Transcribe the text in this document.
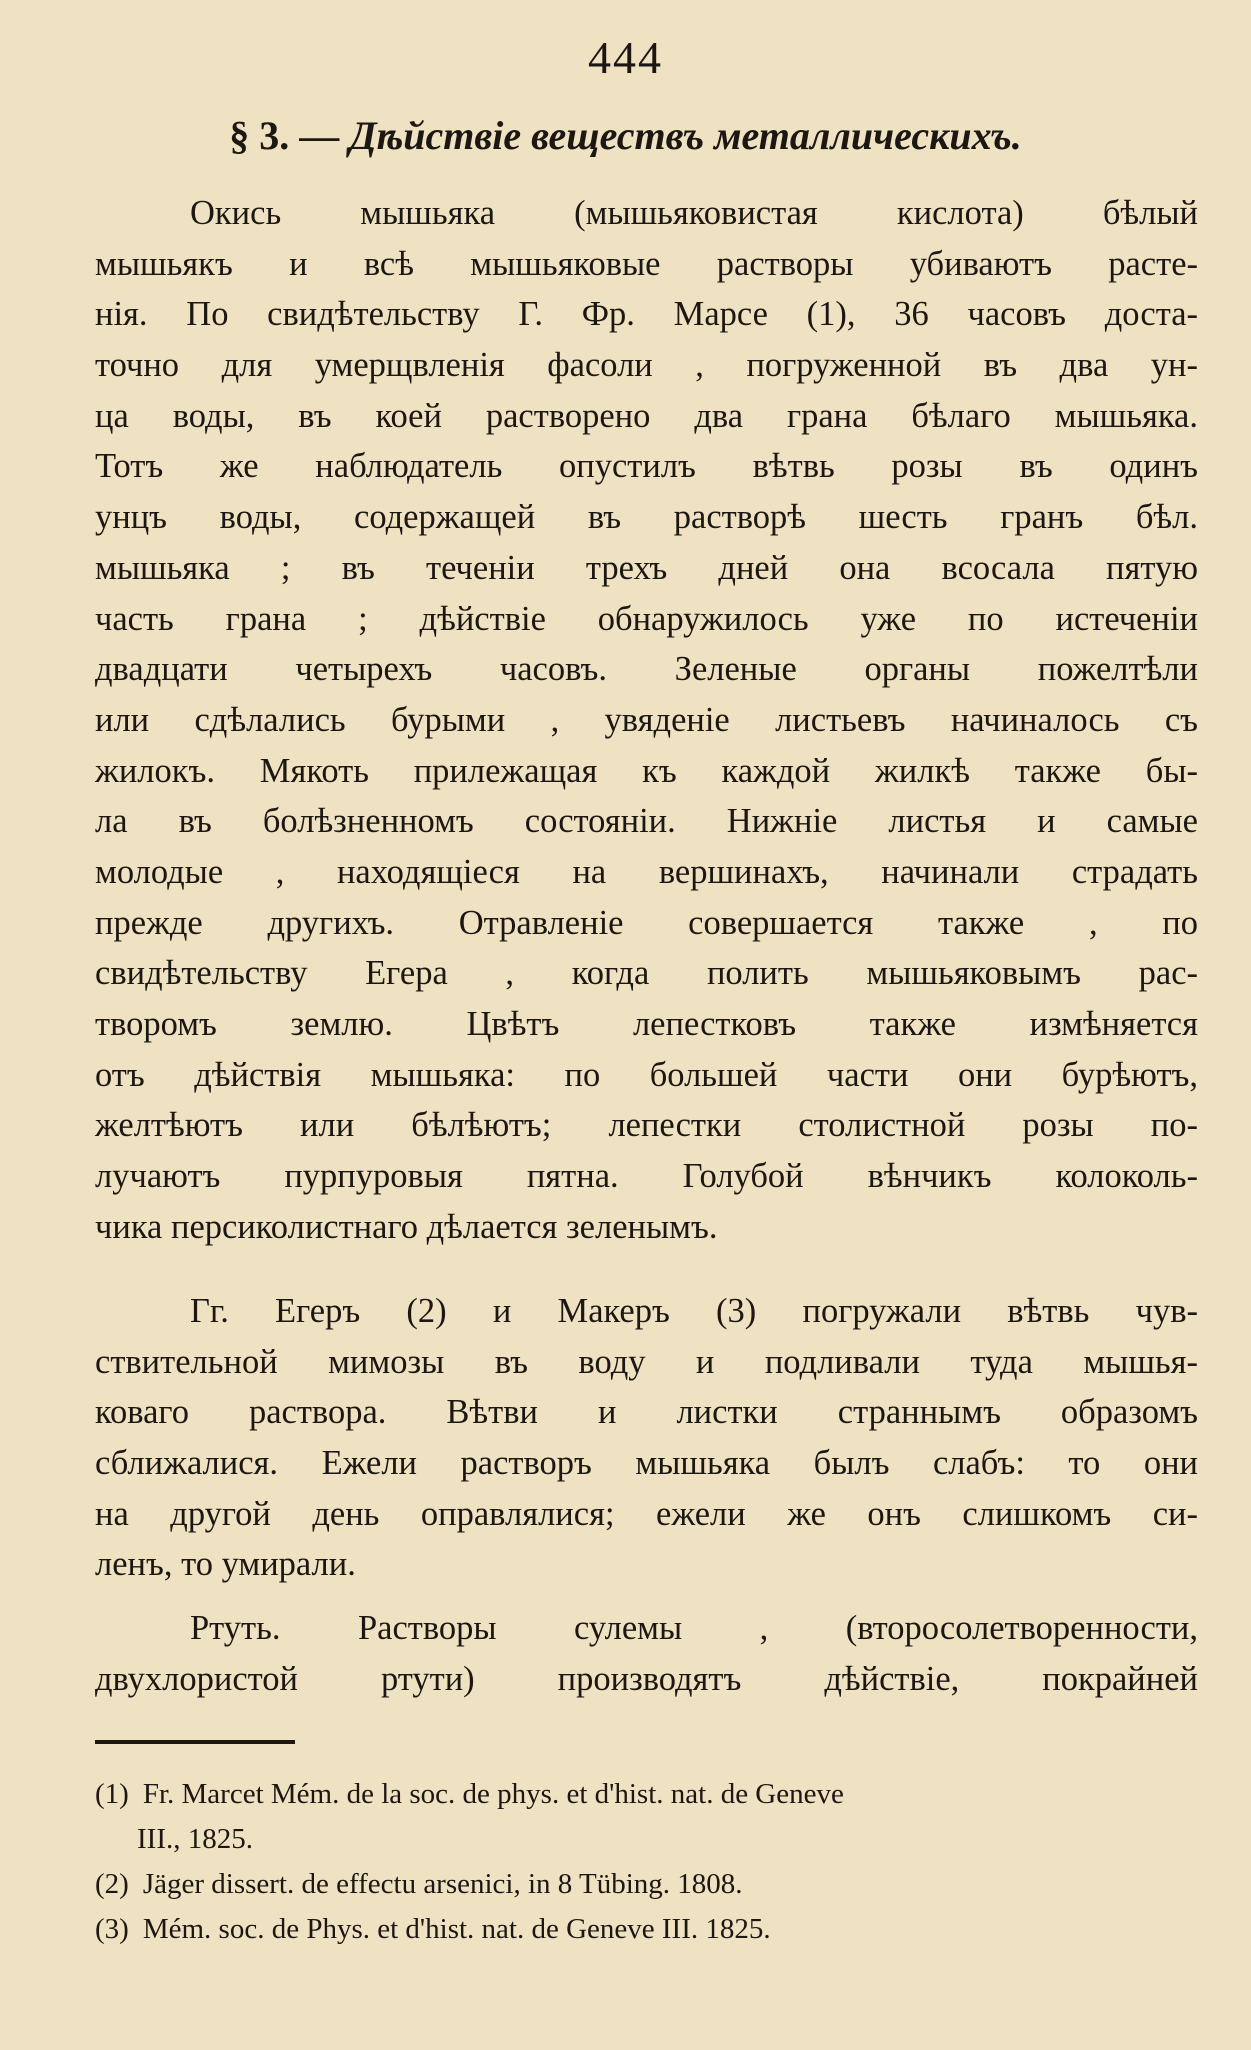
444
§ 3. — Дѣйствіе веществъ металлическихъ.
Окись мышьяка (мышьяковистая кислота) бѣлый
мышьякъ и всѣ мышьяковые растворы убиваютъ расте-
нія. По свидѣтельству Г. Фр. Марсе (1), 36 часовъ доста-
точно для умерщвленія фасоли , погруженной въ два ун-
ца воды, въ коей растворено два грана бѣлаго мышьяка.
Тотъ же наблюдатель опустилъ вѣтвь розы въ одинъ
унцъ воды, содержащей въ растворѣ шесть гранъ бѣл.
мышьяка ; въ теченіи трехъ дней она всосала пятую
часть грана ; дѣйствіе обнаружилось уже по истеченіи
двадцати четырехъ часовъ. Зеленые органы пожелтѣли
или сдѣлались бурыми , увяденіе листьевъ начиналось съ
жилокъ. Мякоть прилежащая къ каждой жилкѣ также бы-
ла въ болѣзненномъ состояніи. Нижніе листья и самые
молодые , находящіеся на вершинахъ, начинали страдать
прежде другихъ. Отравленіе совершается также , по
свидѣтельству Егера , когда полить мышьяковымъ рас-
творомъ землю. Цвѣтъ лепестковъ также измѣняется
отъ дѣйствія мышьяка: по большей части они бурѣютъ,
желтѣютъ или бѣлѣютъ; лепестки столистной розы по-
лучаютъ пурпуровыя пятна. Голубой вѣнчикъ колоколь-
чика персиколистнаго дѣлается зеленымъ.
Гг. Егеръ (2) и Макеръ (3) погружали вѣтвь чув-
ствительной мимозы въ воду и подливали туда мышья-
коваго раствора. Вѣтви и листки страннымъ образомъ
сближалися. Ежели растворъ мышьяка былъ слабъ: то они
на другой день оправлялися; ежели же онъ слишкомъ си-
ленъ, то умирали.
Ртуть. Растворы сулемы , (второсолетворенности,
двухлористой ртути) производятъ дѣйствіе, покрайней
(1) Fr. Marcet Mém. de la soc. de phys. et d'hist. nat. de Geneve
III., 1825.
(2) Jäger dissert. de effectu arsenici, in 8 Tübing. 1808.
(3) Mém. soc. de Phys. et d'hist. nat. de Geneve III. 1825.
